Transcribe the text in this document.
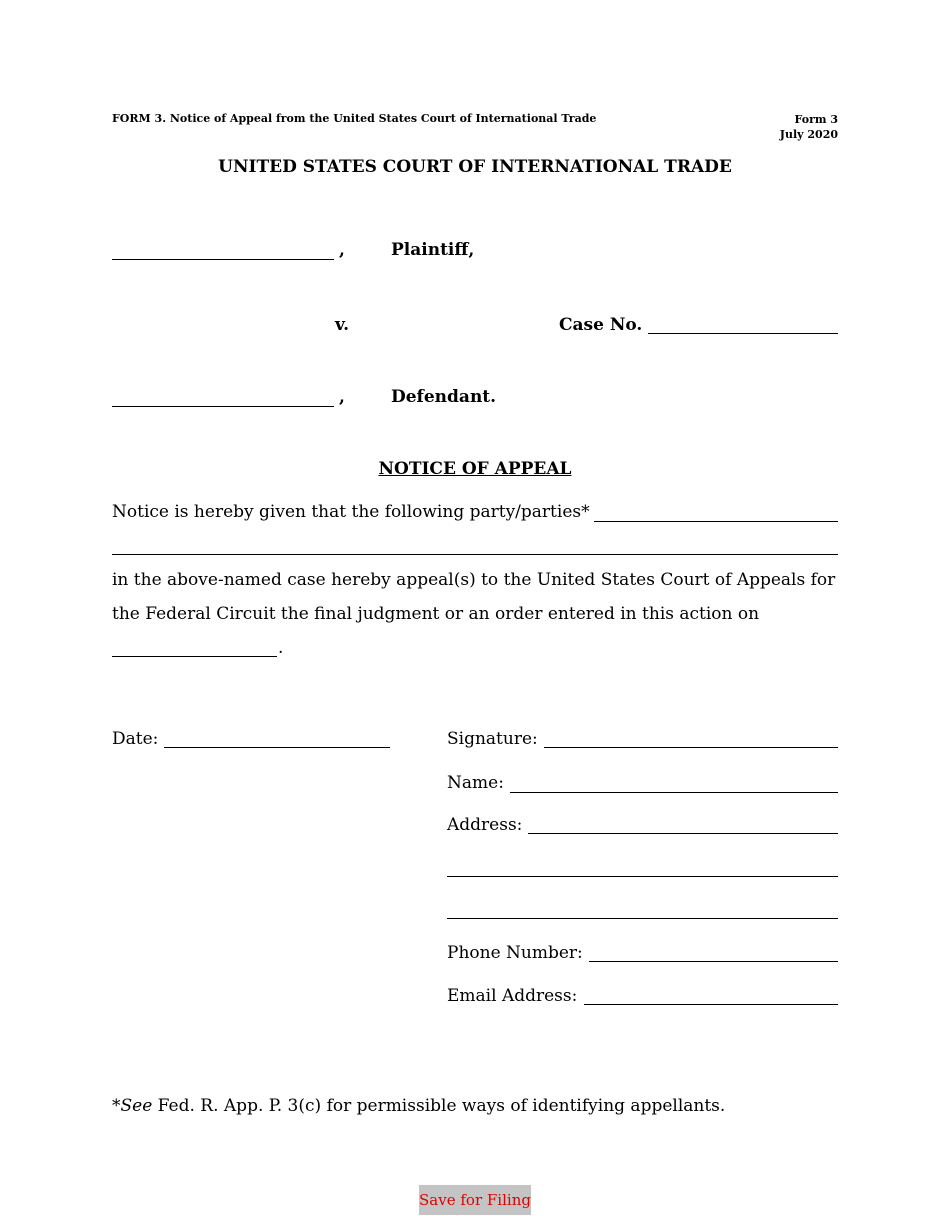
FORM 3. Notice of Appeal from the United States Court of International Trade	Form 3
July 2020
UNITED STATES COURT OF INTERNATIONAL TRADE
,	Plaintiff,
v.	Case No.
,	Defendant.
NOTICE OF APPEAL
Notice is hereby given that the following party/parties*
in the above-named case hereby appeal(s) to the United States Court of Appeals for
the Federal Circuit the final judgment or an order entered in this action on
.
Date:	Signature:
Name:
Address:
Phone Number:
Email Address:
*See Fed. R. App. P. 3(c) for permissible ways of identifying appellants.
Save for Filing
